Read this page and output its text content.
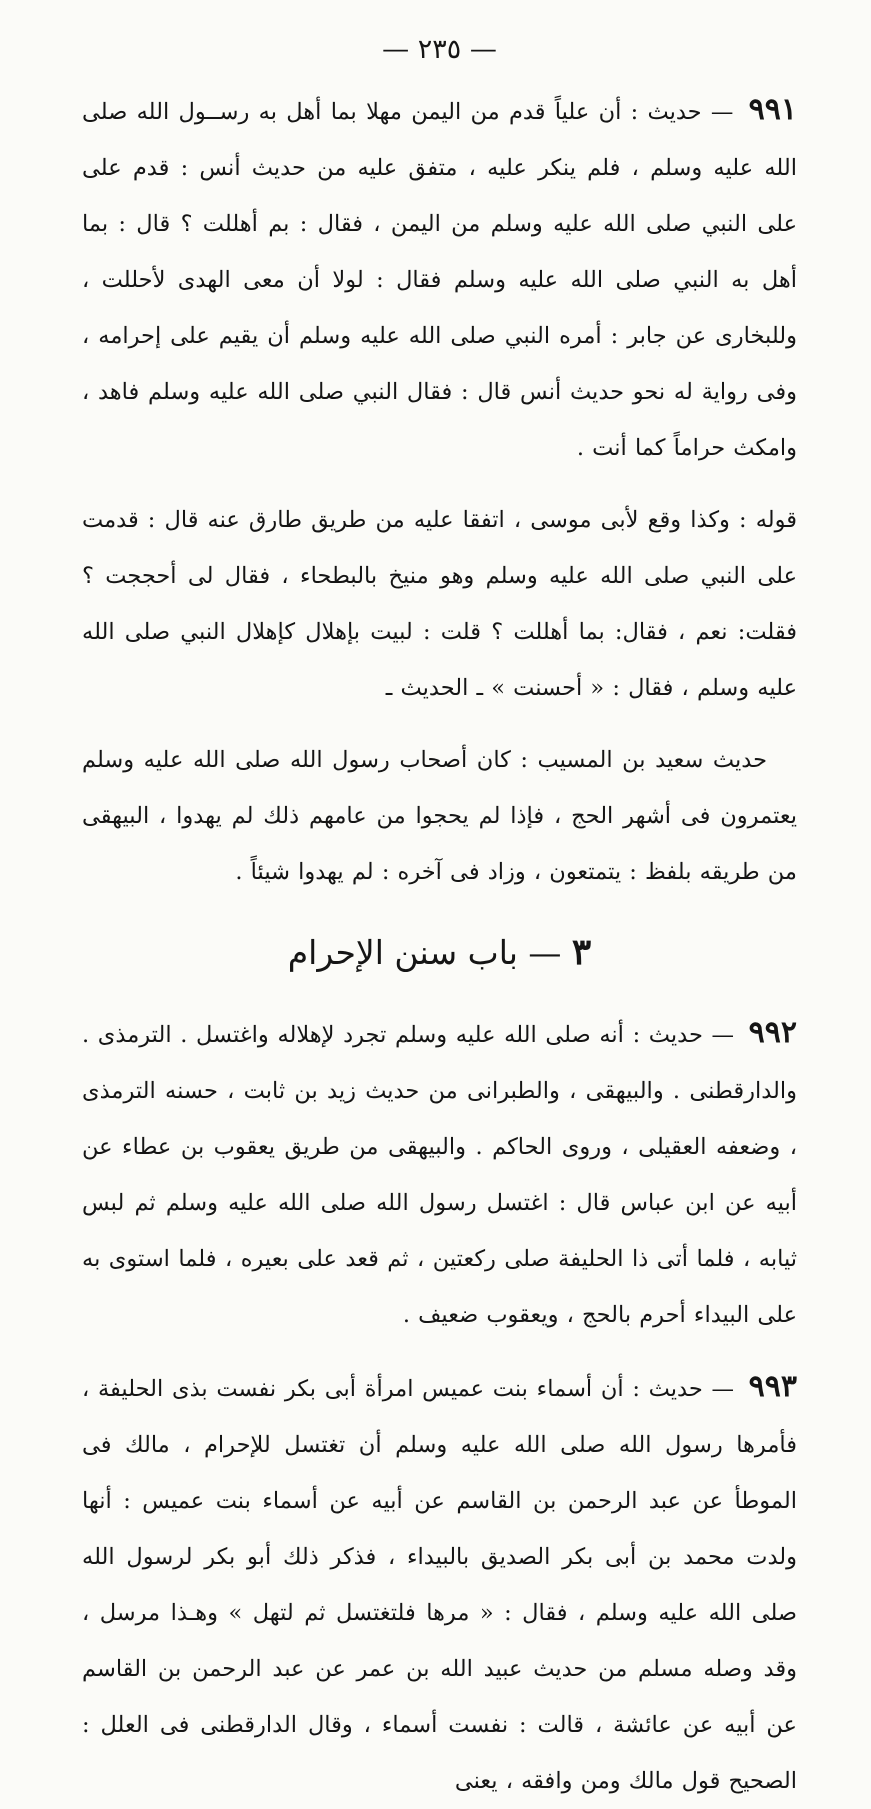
— ٢٣٥ —

٩٩١ — حديث : أن علياً قدم من اليمن مهلا بما أهل به رســول الله صلى الله عليه وسلم ، فلم ينكر عليه ، متفق عليه من حديث أنس : قدم على على النبي صلى الله عليه وسلم من اليمن ، فقال : بم أهللت ؟ قال : بما أهل به النبي صلى الله عليه وسلم فقال : لولا أن معى الهدى لأحللت ، وللبخارى عن جابر : أمره النبي صلى الله عليه وسلم أن يقيم على إحرامه ، وفى رواية له نحو حديث أنس قال : فقال النبي صلى الله عليه وسلم فاهد ، وامكث حراماً كما أنت .

قوله : وكذا وقع لأبى موسى ، اتفقا عليه من طريق طارق عنه قال : قدمت على النبي صلى الله عليه وسلم وهو منيخ بالبطحاء ، فقال لى أحججت ؟ فقلت: نعم ، فقال: بما أهللت ؟ قلت : لبيت بإهلال كإهلال النبي صلى الله عليه وسلم ، فقال : « أحسنت » ـ الحديث ـ

حديث سعيد بن المسيب : كان أصحاب رسول الله صلى الله عليه وسلم يعتمرون فى أشهر الحج ، فإذا لم يحجوا من عامهم ذلك لم يهدوا ، البيهقى من طريقه بلفظ : يتمتعون ، وزاد فى آخره : لم يهدوا شيئاً .

٣ — باب سنن الإحرام

٩٩٢ — حديث : أنه صلى الله عليه وسلم تجرد لإهلاله واغتسل . الترمذى . والدارقطنى . والبيهقى ، والطبرانى من حديث زيد بن ثابت ، حسنه الترمذى ، وضعفه العقيلى ، وروى الحاكم . والبيهقى من طريق يعقوب بن عطاء عن أبيه عن ابن عباس قال : اغتسل رسول الله صلى الله عليه وسلم ثم لبس ثيابه ، فلما أتى ذا الحليفة صلى ركعتين ، ثم قعد على بعيره ، فلما استوى به على البيداء أحرم بالحج ، ويعقوب ضعيف .

٩٩٣ — حديث : أن أسماء بنت عميس امرأة أبى بكر نفست بذى الحليفة ، فأمرها رسول الله صلى الله عليه وسلم أن تغتسل للإحرام ، مالك فى الموطأ عن عبد الرحمن بن القاسم عن أبيه عن أسماء بنت عميس : أنها ولدت محمد بن أبى بكر الصديق بالبيداء ، فذكر ذلك أبو بكر لرسول الله صلى الله عليه وسلم ، فقال : « مرها فلتغتسل ثم لتهل » وهـذا مرسل ، وقد وصله مسلم من حديث عبيد الله بن عمر عن عبد الرحمن بن القاسم عن أبيه عن عائشة ، قالت : نفست أسماء ، وقال الدارقطنى فى العلل : الصحيح قول مالك ومن وافقه ، يعنى
